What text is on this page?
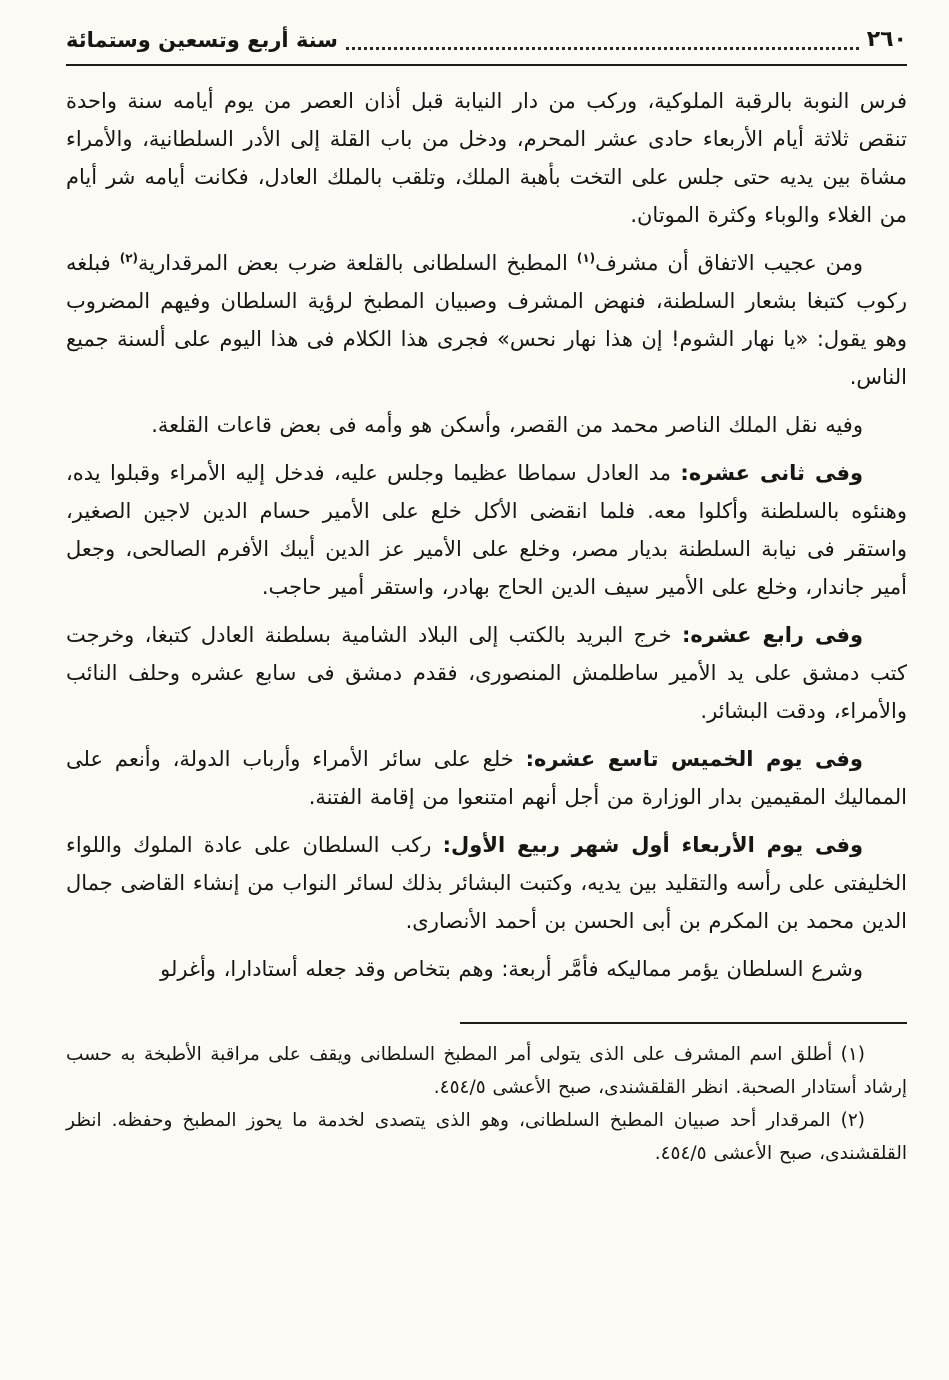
٢٦٠
سنة أربع وتسعين وستمائة

فرس النوبة بالرقبة الملوكية، وركب من دار النيابة قبل أذان العصر من يوم أيامه سنة واحدة تنقص ثلاثة أيام الأربعاء حادى عشر المحرم، ودخل من باب القلة إلى الأدر السلطانية، والأمراء مشاة بين يديه حتى جلس على التخت بأهبة الملك، وتلقب بالملك العادل، فكانت أيامه شر أيام من الغلاء والوباء وكثرة الموتان.

ومن عجيب الاتفاق أن مشرف$^{(١)}$ المطبخ السلطانى بالقلعة ضرب بعض المرقدارية$^{(٢)}$ فبلغه ركوب كتبغا بشعار السلطنة، فنهض المشرف وصبيان المطبخ لرؤية السلطان وفيهم المضروب وهو يقول: «يا نهار الشوم! إن هذا نهار نحس» فجرى هذا الكلام فى هذا اليوم على ألسنة جميع الناس.

وفيه نقل الملك الناصر محمد من القصر، وأسكن هو وأمه فى بعض قاعات القلعة.

وفى ثانى عشره: مد العادل سماطا عظيما وجلس عليه، فدخل إليه الأمراء وقبلوا يده، وهنئوه بالسلطنة وأكلوا معه. فلما انقضى الأكل خلع على الأمير حسام الدين لاجين الصغير، واستقر فى نيابة السلطنة بديار مصر، وخلع على الأمير عز الدين أيبك الأفرم الصالحى، وجعل أمير جاندار، وخلع على الأمير سيف الدين الحاج بهادر، واستقر أمير حاجب.

وفى رابع عشره: خرج البريد بالكتب إلى البلاد الشامية بسلطنة العادل كتبغا، وخرجت كتب دمشق على يد الأمير ساطلمش المنصورى، فقدم دمشق فى سابع عشره وحلف النائب والأمراء، ودقت البشائر.

وفى يوم الخميس تاسع عشره: خلع على سائر الأمراء وأرباب الدولة، وأنعم على المماليك المقيمين بدار الوزارة من أجل أنهم امتنعوا من إقامة الفتنة.

وفى يوم الأربعاء أول شهر ربيع الأول: ركب السلطان على عادة الملوك واللواء الخليفتى على رأسه والتقليد بين يديه، وكتبت البشائر بذلك لسائر النواب من إنشاء القاضى جمال الدين محمد بن المكرم بن أبى الحسن بن أحمد الأنصارى.

وشرع السلطان يؤمر مماليكه فأمَّر أربعة: وهم بتخاص وقد جعله أستادارا، وأغرلو

(١) أطلق اسم المشرف على الذى يتولى أمر المطبخ السلطانى ويقف على مراقبة الأطبخة به حسب إرشاد أستادار الصحبة. انظر القلقشندى، صبح الأعشى ٤٥٤/٥.

(٢) المرقدار أحد صبيان المطبخ السلطانى، وهو الذى يتصدى لخدمة ما يحوز المطبخ وحفظه. انظر القلقشندى، صبح الأعشى ٤٥٤/٥.
